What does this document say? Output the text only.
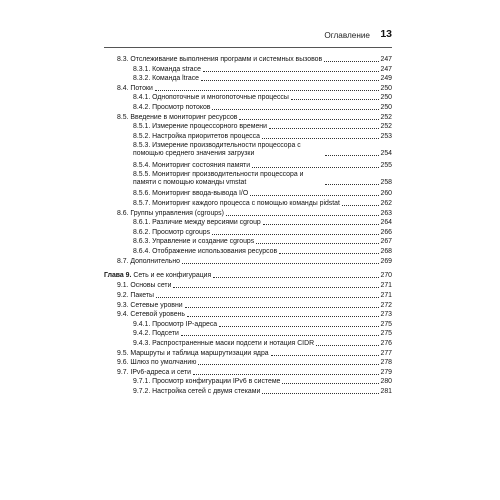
Оглавление 13
8.3. Отслеживание выполнения программ и системных вызовов	247
8.3.1. Команда strace	247
8.3.2. Команда ltrace	249
8.4. Потоки	250
8.4.1. Однопоточные и многопоточные процессы	250
8.4.2. Просмотр потоков	250
8.5. Введение в мониторинг ресурсов	252
8.5.1. Измерение процессорного времени	252
8.5.2. Настройка приоритетов процесса	253
8.5.3. Измерение производительности процессора с помощью среднего значения загрузки	254
8.5.4. Мониторинг состояния памяти	255
8.5.5. Мониторинг производительности процессора и памяти с помощью команды vmstat	258
8.5.6. Мониторинг ввода-вывода I/O	260
8.5.7. Мониторинг каждого процесса с помощью команды pidstat	262
8.6. Группы управления (cgroups)	263
8.6.1. Различие между версиями cgroup	264
8.6.2. Просмотр cgroups	266
8.6.3. Управление и создание cgroups	267
8.6.4. Отображение использования ресурсов	268
8.7. Дополнительно	269
Глава 9. Сеть и ее конфигурация	270
9.1. Основы сети	271
9.2. Пакеты	271
9.3. Сетевые уровни	272
9.4. Сетевой уровень	273
9.4.1. Просмотр IP-адреса	275
9.4.2. Подсети	275
9.4.3. Распространенные маски подсети и нотация CIDR	276
9.5. Маршруты и таблица маршрутизации ядра	277
9.6. Шлюз по умолчанию	278
9.7. IPv6-адреса и сети	279
9.7.1. Просмотр конфигурации IPv6 в системе	280
9.7.2. Настройка сетей с двумя стеками	281
